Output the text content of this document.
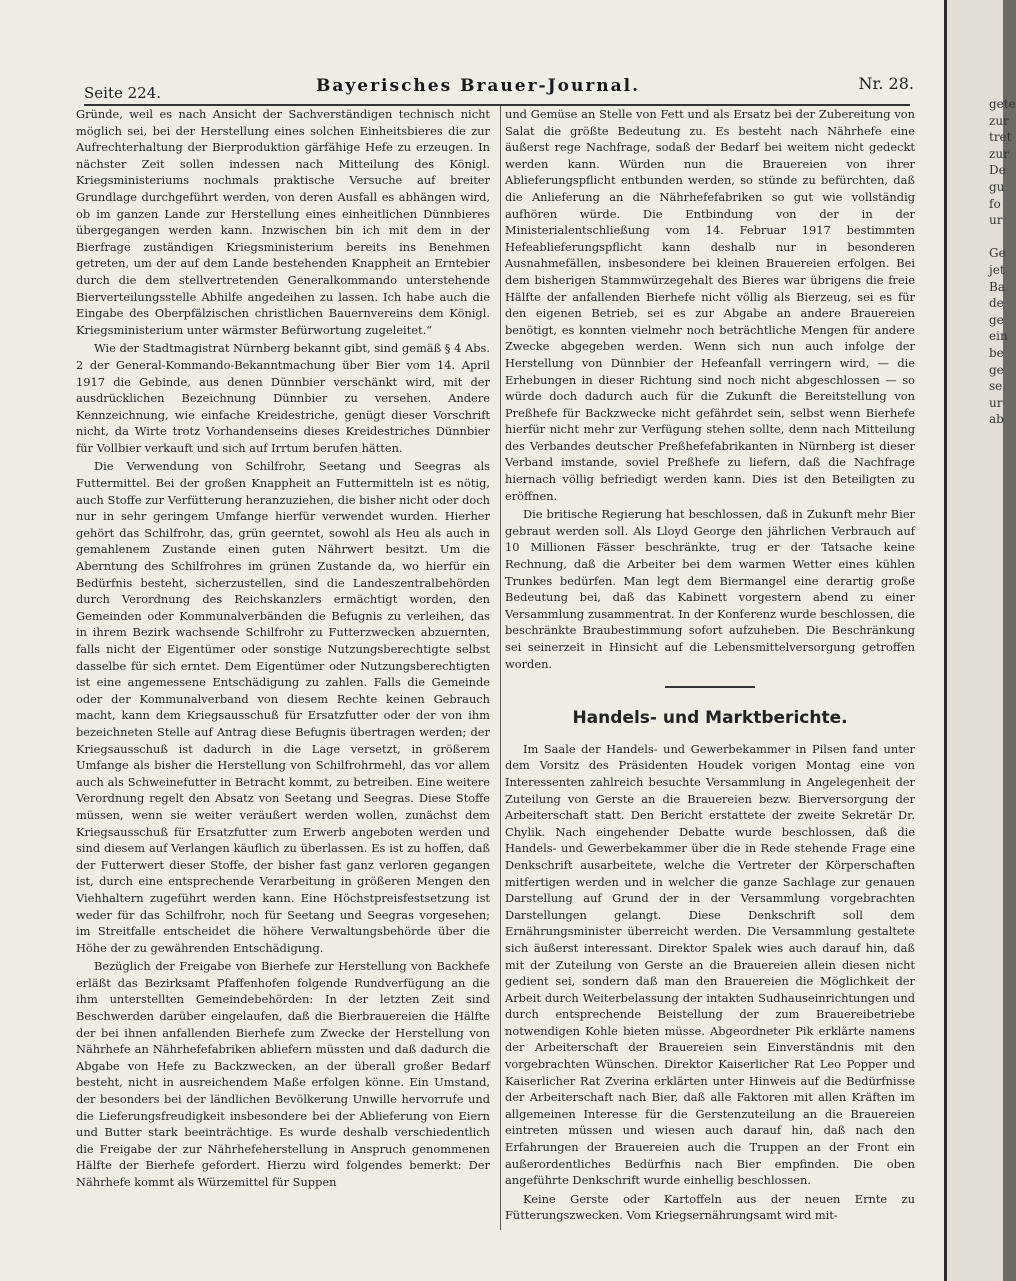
Seite 224.	Bayerisches Brauer-Journal.	Nr. 28.

Gründe, weil es nach Ansicht der Sachverständigen technisch nicht möglich sei, bei der Herstellung eines solchen Einheitsbieres die zur Aufrechterhaltung der Bierproduktion gärfähige Hefe zu erzeugen. In nächster Zeit sollen indessen nach Mitteilung des Königl. Kriegsministeriums nochmals praktische Versuche auf breiter Grundlage durchgeführt werden, von deren Ausfall es abhängen wird, ob im ganzen Lande zur Herstellung eines einheitlichen Dünnbieres übergegangen werden kann. Inzwischen bin ich mit dem in der Bierfrage zuständigen Kriegsministerium bereits ins Benehmen getreten, um der auf dem Lande bestehenden Knappheit an Erntebier durch die dem stellvertretenden Generalkommando unterstehende Bierverteilungsstelle Abhilfe angedeihen zu lassen. Ich habe auch die Eingabe des Oberpfälzischen christlichen Bauernvereins dem Königl. Kriegsministerium unter wärmster Befürwortung zugeleitet.“

Wie der Stadtmagistrat Nürnberg bekannt gibt, sind gemäß § 4 Abs. 2 der General-Kommando-Bekanntmachung über Bier vom 14. April 1917 die Gebinde, aus denen Dünnbier verschänkt wird, mit der ausdrücklichen Bezeichnung Dünnbier zu versehen. Andere Kennzeichnung, wie einfache Kreidestriche, genügt dieser Vorschrift nicht, da Wirte trotz Vorhandenseins dieses Kreidestriches Dünnbier für Vollbier verkauft und sich auf Irrtum berufen hätten.

Die Verwendung von Schilfrohr, Seetang und Seegras als Futtermittel. Bei der großen Knappheit an Futtermitteln ist es nötig, auch Stoffe zur Verfütterung heranzuziehen, die bisher nicht oder doch nur in sehr geringem Umfange hierfür verwendet wurden. Hierher gehört das Schilfrohr, das, grün geerntet, sowohl als Heu als auch in gemahlenem Zustande einen guten Nährwert besitzt. Um die Aberntung des Schilfrohres im grünen Zustande da, wo hierfür ein Bedürfnis besteht, sicherzustellen, sind die Landeszentralbehörden durch Verordnung des Reichskanzlers ermächtigt worden, den Gemeinden oder Kommunalverbänden die Befugnis zu verleihen, das in ihrem Bezirk wachsende Schilfrohr zu Futterzwecken abzuernten, falls nicht der Eigentümer oder sonstige Nutzungsberechtigte selbst dasselbe für sich erntet. Dem Eigentümer oder Nutzungsberechtigten ist eine angemessene Entschädigung zu zahlen. Falls die Gemeinde oder der Kommunalverband von diesem Rechte keinen Gebrauch macht, kann dem Kriegsausschuß für Ersatzfutter oder der von ihm bezeichneten Stelle auf Antrag diese Befugnis übertragen werden; der Kriegsausschuß ist dadurch in die Lage versetzt, in größerem Umfange als bisher die Herstellung von Schilfrohrmehl, das vor allem auch als Schweinefutter in Betracht kommt, zu betreiben. Eine weitere Verordnung regelt den Absatz von Seetang und Seegras. Diese Stoffe müssen, wenn sie weiter veräußert werden wollen, zunächst dem Kriegsausschuß für Ersatzfutter zum Erwerb angeboten werden und sind diesem auf Verlangen käuflich zu überlassen. Es ist zu hoffen, daß der Futterwert dieser Stoffe, der bisher fast ganz verloren gegangen ist, durch eine entsprechende Verarbeitung in größeren Mengen den Viehhaltern zugeführt werden kann. Eine Höchstpreisfestsetzung ist weder für das Schilfrohr, noch für Seetang und Seegras vorgesehen; im Streitfalle entscheidet die höhere Verwaltungsbehörde über die Höhe der zu gewährenden Entschädigung.

Bezüglich der Freigabe von Bierhefe zur Herstellung von Backhefe erläßt das Bezirksamt Pfaffenhofen folgende Rundverfügung an die ihm unterstellten Gemeindebehörden: In der letzten Zeit sind Beschwerden darüber eingelaufen, daß die Bierbrauereien die Hälfte der bei ihnen anfallenden Bierhefe zum Zwecke der Herstellung von Nährhefe an Nährhefefabriken abliefern müssten und daß dadurch die Abgabe von Hefe zu Backzwecken, an der überall großer Bedarf besteht, nicht in ausreichendem Maße erfolgen könne. Ein Umstand, der besonders bei der ländlichen Bevölkerung Unwille hervorrufe und die Lieferungsfreudigkeit insbesondere bei der Ablieferung von Eiern und Butter stark beeinträchtige. Es wurde deshalb verschiedentlich die Freigabe der zur Nährhefeherstellung in Anspruch genommenen Hälfte der Bierhefe gefordert. Hierzu wird folgendes bemerkt: Der Nährhefe kommt als Würzemittel für Suppen

und Gemüse an Stelle von Fett und als Ersatz bei der Zubereitung von Salat die größte Bedeutung zu. Es besteht nach Nährhefe eine äußerst rege Nachfrage, sodaß der Bedarf bei weitem nicht gedeckt werden kann. Würden nun die Brauereien von ihrer Ablieferungspflicht entbunden werden, so stünde zu befürchten, daß die Anlieferung an die Nährhefefabriken so gut wie vollständig aufhören würde. Die Entbindung von der in der Ministerialentschließung vom 14. Februar 1917 bestimmten Hefeablieferungspflicht kann deshalb nur in besonderen Ausnahmefällen, insbesondere bei kleinen Brauereien erfolgen. Bei dem bisherigen Stammwürzegehalt des Bieres war übrigens die freie Hälfte der anfallenden Bierhefe nicht völlig als Bierzeug, sei es für den eigenen Betrieb, sei es zur Abgabe an andere Brauereien benötigt, es konnten vielmehr noch beträchtliche Mengen für andere Zwecke abgegeben werden. Wenn sich nun auch infolge der Herstellung von Dünnbier der Hefeanfall verringern wird, — die Erhebungen in dieser Richtung sind noch nicht abgeschlossen — so würde doch dadurch auch für die Zukunft die Bereitstellung von Preßhefe für Backzwecke nicht gefährdet sein, selbst wenn Bierhefe hierfür nicht mehr zur Verfügung stehen sollte, denn nach Mitteilung des Verbandes deutscher Preßhefefabrikanten in Nürnberg ist dieser Verband imstande, soviel Preßhefe zu liefern, daß die Nachfrage hiernach völlig befriedigt werden kann. Dies ist den Beteiligten zu eröffnen.

Die britische Regierung hat beschlossen, daß in Zukunft mehr Bier gebraut werden soll. Als Lloyd George den jährlichen Verbrauch auf 10 Millionen Fässer beschränkte, trug er der Tatsache keine Rechnung, daß die Arbeiter bei dem warmen Wetter eines kühlen Trunkes bedürfen. Man legt dem Biermangel eine derartig große Bedeutung bei, daß das Kabinett vorgestern abend zu einer Versammlung zusammentrat. In der Konferenz wurde beschlossen, die beschränkte Braubestimmung sofort aufzuheben. Die Beschränkung sei seinerzeit in Hinsicht auf die Lebensmittelversorgung getroffen worden.

Handels- und Marktberichte.

Im Saale der Handels- und Gewerbekammer in Pilsen fand unter dem Vorsitz des Präsidenten Houdek vorigen Montag eine von Interessenten zahlreich besuchte Versammlung in Angelegenheit der Zuteilung von Gerste an die Brauereien bezw. Bierversorgung der Arbeiterschaft statt. Den Bericht erstattete der zweite Sekretär Dr. Chylik. Nach eingehender Debatte wurde beschlossen, daß die Handels- und Gewerbekammer über die in Rede stehende Frage eine Denkschrift ausarbeitete, welche die Vertreter der Körperschaften mitfertigen werden und in welcher die ganze Sachlage zur genauen Darstellung auf Grund der in der Versammlung vorgebrachten Darstellungen gelangt. Diese Denkschrift soll dem Ernährungsminister überreicht werden. Die Versammlung gestaltete sich äußerst interessant. Direktor Spalek wies auch darauf hin, daß mit der Zuteilung von Gerste an die Brauereien allein diesen nicht gedient sei, sondern daß man den Brauereien die Möglichkeit der Arbeit durch Weiterbelassung der intakten Sudhauseinrichtungen und durch entsprechende Beistellung der zum Brauereibetriebe notwendigen Kohle bieten müsse. Abgeordneter Pik erklärte namens der Arbeiterschaft der Brauereien sein Einverständnis mit den vorgebrachten Wünschen. Direktor Kaiserlicher Rat Leo Popper und Kaiserlicher Rat Zverina erklärten unter Hinweis auf die Bedürfnisse der Arbeiterschaft nach Bier, daß alle Faktoren mit allen Kräften im allgemeinen Interesse für die Gerstenzuteilung an die Brauereien eintreten müssen und wiesen auch darauf hin, daß nach den Erfahrungen der Brauereien auch die Truppen an der Front ein außerordentliches Bedürfnis nach Bier empfinden. Die oben angeführte Denkschrift wurde einhellig beschlossen.

Keine Gerste oder Kartoffeln aus der neuen Ernte zu Fütterungszwecken. Vom Kriegsernährungsamt wird mit-

gete
zur
tret
zur
De
gu
fo
ur

Ge
jet
Ba
de
ge
ein
be
ge
se
ur
ab
